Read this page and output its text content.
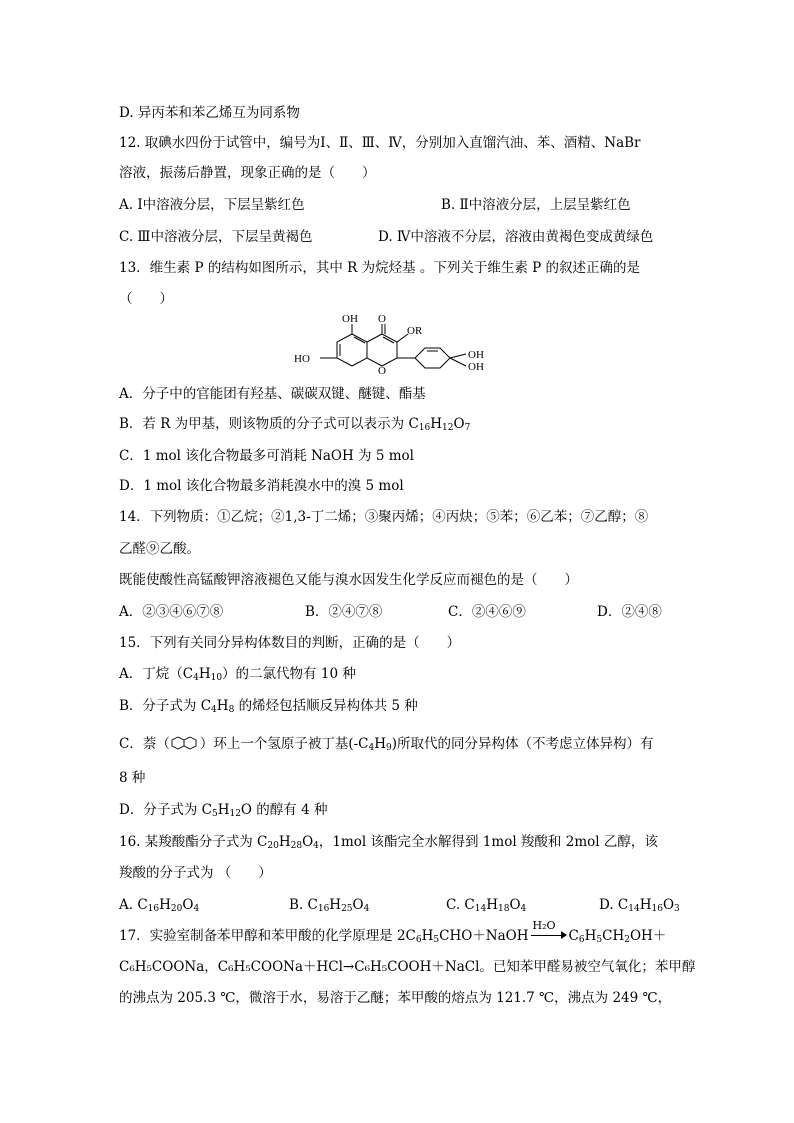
D. 异丙苯和苯乙烯互为同系物
12. 取碘水四份于试管中，编号为Ⅰ、Ⅱ、Ⅲ、Ⅳ，分别加入直馏汽油、苯、酒精、NaBr
溶液，振荡后静置，现象正确的是（　　）
A. Ⅰ中溶液分层，下层呈紫红色	B. Ⅱ中溶液分层，上层呈紫红色
C. Ⅲ中溶液分层，下层呈黄褐色	D. Ⅳ中溶液不分层，溶液由黄褐色变成黄绿色
13．维生素 P 的结构如图所示，其中 R 为烷烃基 。下列关于维生素 P 的叙述正确的是
（　　）
OH O
OR
HO
O
OH
OH
A．分子中的官能团有羟基、碳碳双键、醚键、酯基
B．若 R 为甲基，则该物质的分子式可以表示为 $C_{16}H_{12}O_7$
C．1 mol 该化合物最多可消耗 NaOH 为 5 mol
D．1 mol 该化合物最多消耗溴水中的溴 5 mol
14．下列物质：①乙烷；②1,3-丁二烯；③聚丙烯；④丙炔；⑤苯；⑥乙苯；⑦乙醇；⑧
乙醛⑨乙酸。
既能使酸性高锰酸钾溶液褪色又能与溴水因发生化学反应而褪色的是（　　）
A．②③④⑥⑦⑧	B．②④⑦⑧	C．②④⑥⑨	D．②④⑧
15．下列有关同分异构体数目的判断，正确的是（　　）
A．丁烷$(C_4H_{10})$的二氯代物有 10 种
B．分子式为 $C_4H_8$ 的烯烃包括顺反异构体共 5 种
C．萘（ ）环上一个氢原子被丁基$(-C_4H_9)$所取代的同分异构体（不考虑立体异构）有
8 种
D．分子式为 $C_5H_{12}O$ 的醇有 4 种
16. 某羧酸酯分子式为 $C_{20}H_{28}O_4$，1mol 该酯完全水解得到 1mol 羧酸和 2mol 乙醇，该
羧酸的分子式为 （　　）
A. $C_{16}H_{20}O_4$	B. $C_{16}H_{25}O_4$	C. $C_{14}H_{18}O_4$	D. $C_{14}H_{16}O_3$
17．实验室制备苯甲醇和苯甲酸的化学原理是 $2C_6H_5CHO+NaOH$
H₂O
$C_6H_5CH_2OH+$
C₆H₅COONa，C₆H₅COONa＋HCl→C₆H₅COOH＋NaCl。已知苯甲醛易被空气氧化；苯甲醇
的沸点为 205.3 ℃，微溶于水，易溶于乙醚；苯甲酸的熔点为 121.7 ℃，沸点为 249 ℃，
